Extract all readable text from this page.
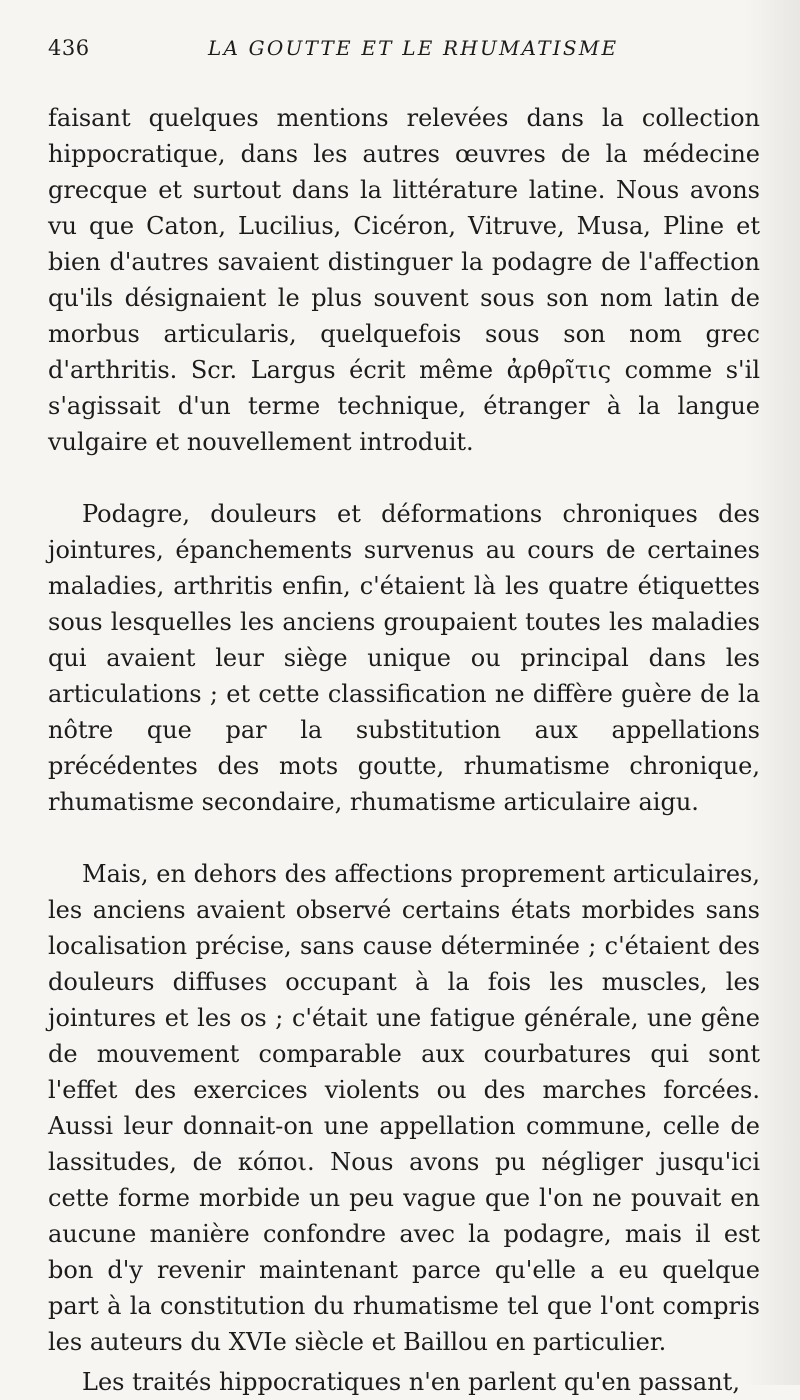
436	LA GOUTTE ET LE RHUMATISME

faisant quelques mentions relevées dans la collection hippocratique, dans les autres œuvres de la médecine grecque et surtout dans la littérature latine. Nous avons vu que Caton, Lucilius, Cicéron, Vitruve, Musa, Pline et bien d'autres savaient distinguer la podagre de l'affection qu'ils désignaient le plus souvent sous son nom latin de morbus articularis, quelquefois sous son nom grec d'arthritis. Scr. Largus écrit même ἀρθρῖτις comme s'il s'agissait d'un terme technique, étranger à la langue vulgaire et nouvellement introduit.

Podagre, douleurs et déformations chroniques des jointures, épanchements survenus au cours de certaines maladies, arthritis enfin, c'étaient là les quatre étiquettes sous lesquelles les anciens groupaient toutes les maladies qui avaient leur siège unique ou principal dans les articulations ; et cette classification ne diffère guère de la nôtre que par la substitution aux appellations précédentes des mots goutte, rhumatisme chronique, rhumatisme secondaire, rhumatisme articulaire aigu.

Mais, en dehors des affections proprement articulaires, les anciens avaient observé certains états morbides sans localisation précise, sans cause déterminée ; c'étaient des douleurs diffuses occupant à la fois les muscles, les jointures et les os ; c'était une fatigue générale, une gêne de mouvement comparable aux courbatures qui sont l'effet des exercices violents ou des marches forcées. Aussi leur donnait-on une appellation commune, celle de lassitudes, de κόποι. Nous avons pu négliger jusqu'ici cette forme morbide un peu vague que l'on ne pouvait en aucune manière confondre avec la podagre, mais il est bon d'y revenir maintenant parce qu'elle a eu quelque part à la constitution du rhumatisme tel que l'ont compris les auteurs du XVIe siècle et Baillou en particulier.

Les traités hippocratiques n'en parlent qu'en passant,
